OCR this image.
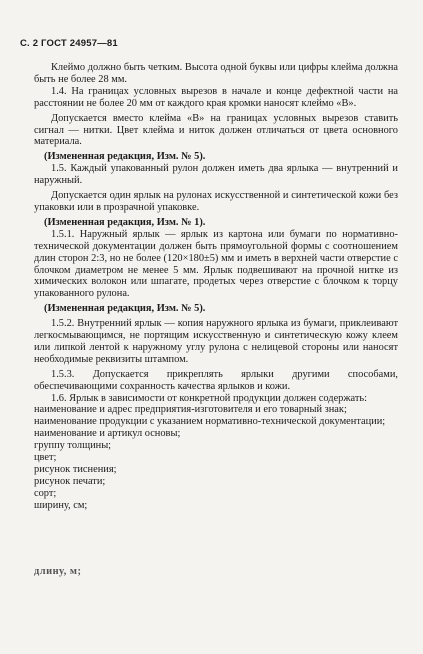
С. 2 ГОСТ 24957—81

Клеймо должно быть четким. Высота одной буквы или цифры клейма должна быть не более 28 мм.

1.4. На границах условных вырезов в начале и конце дефектной части на расстоянии не более 20 мм от каждого края кромки наносят клеймо «В».

Допускается вместо клейма «В» на границах условных вырезов ставить сигнал — нитки. Цвет клейма и ниток должен отличаться от цвета основного материала.

(Измененная редакция, Изм. № 5).

1.5. Каждый упакованный рулон должен иметь два ярлыка — внутренний и наружный.

Допускается один ярлык на рулонах искусственной и синтетической кожи без упаковки или в прозрачной упаковке.

(Измененная редакция, Изм. № 1).

1.5.1. Наружный ярлык — ярлык из картона или бумаги по нормативно-технической документации должен быть прямоугольной формы с соотношением длин сторон 2:3, но не более (120×180±5) мм и иметь в верхней части отверстие с блочком диаметром не менее 5 мм. Ярлык подвешивают на прочной нитке из химических волокон или шпагате, продетых через отверстие с блочком к торцу упакованного рулона.

(Измененная редакция, Изм. № 5).

1.5.2. Внутренний ярлык — копия наружного ярлыка из бумаги, приклеивают легкосмывающимся, не портящим искусственную и синтетическую кожу клеем или липкой лентой к наружному углу рулона с нелицевой стороны или наносят необходимые реквизиты штампом.

1.5.3. Допускается прикреплять ярлыки другими способами, обеспечивающими сохранность качества ярлыков и кожи.

1.6. Ярлык в зависимости от конкретной продукции должен содержать:

наименование и адрес предприятия-изготовителя и его товарный знак;

наименование продукции с указанием нормативно-технической документации;

наименование и артикул основы;

группу толщины;

цвет;

рисунок тиснения;

рисунок печати;

сорт;

ширину, см;

длину, м;
